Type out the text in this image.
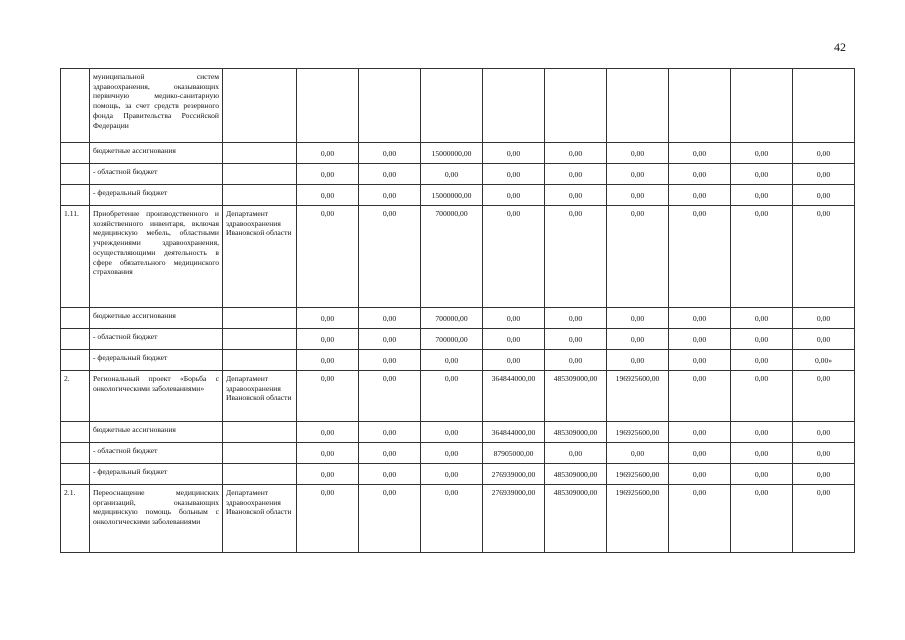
42
	муниципальной систем здравоохранения, оказывающих первичную медико-санитарную помощь, за счет средств резервного фонда Правительства Российской Федерации										
	бюджетные ассигнования		0,00	0,00	15000000,00	0,00	0,00	0,00	0,00	0,00	0,00
	- областной бюджет		0,00	0,00	0,00	0,00	0,00	0,00	0,00	0,00	0,00
	- федеральный бюджет		0,00	0,00	15000000,00	0,00	0,00	0,00	0,00	0,00	0,00
1.11.	Приобретение производственного и хозяйственного инвентаря, включая медицинскую мебель, областными учреждениями здравоохранения, осуществляющими деятельность в сфере обязательного медицинского страхования	Департамент здравоохранения Ивановской области	0,00	0,00	700000,00	0,00	0,00	0,00	0,00	0,00	0,00
	бюджетные ассигнования		0,00	0,00	700000,00	0,00	0,00	0,00	0,00	0,00	0,00
	- областной бюджет		0,00	0,00	700000,00	0,00	0,00	0,00	0,00	0,00	0,00
	- федеральный бюджет		0,00	0,00	0,00	0,00	0,00	0,00	0,00	0,00	0,00»
2.	Региональный проект «Борьба с онкологическими заболеваниями»	Департамент здравоохранения Ивановской области	0,00	0,00	0,00	364844000,00	485309000,00	196925600,00	0,00	0,00	0,00
	бюджетные ассигнования		0,00	0,00	0,00	364844000,00	485309000,00	196925600,00	0,00	0,00	0,00
	- областной бюджет		0,00	0,00	0,00	87905000,00	0,00	0,00	0,00	0,00	0,00
	- федеральный бюджет		0,00	0,00	0,00	276939000,00	485309000,00	196925600,00	0,00	0,00	0,00
2.1.	Переоснащение медицинских организаций, оказывающих медицинскую помощь больным с онкологическими заболеваниями	Департамент здравоохранения Ивановской области	0,00	0,00	0,00	276939000,00	485309000,00	196925600,00	0,00	0,00	0,00
